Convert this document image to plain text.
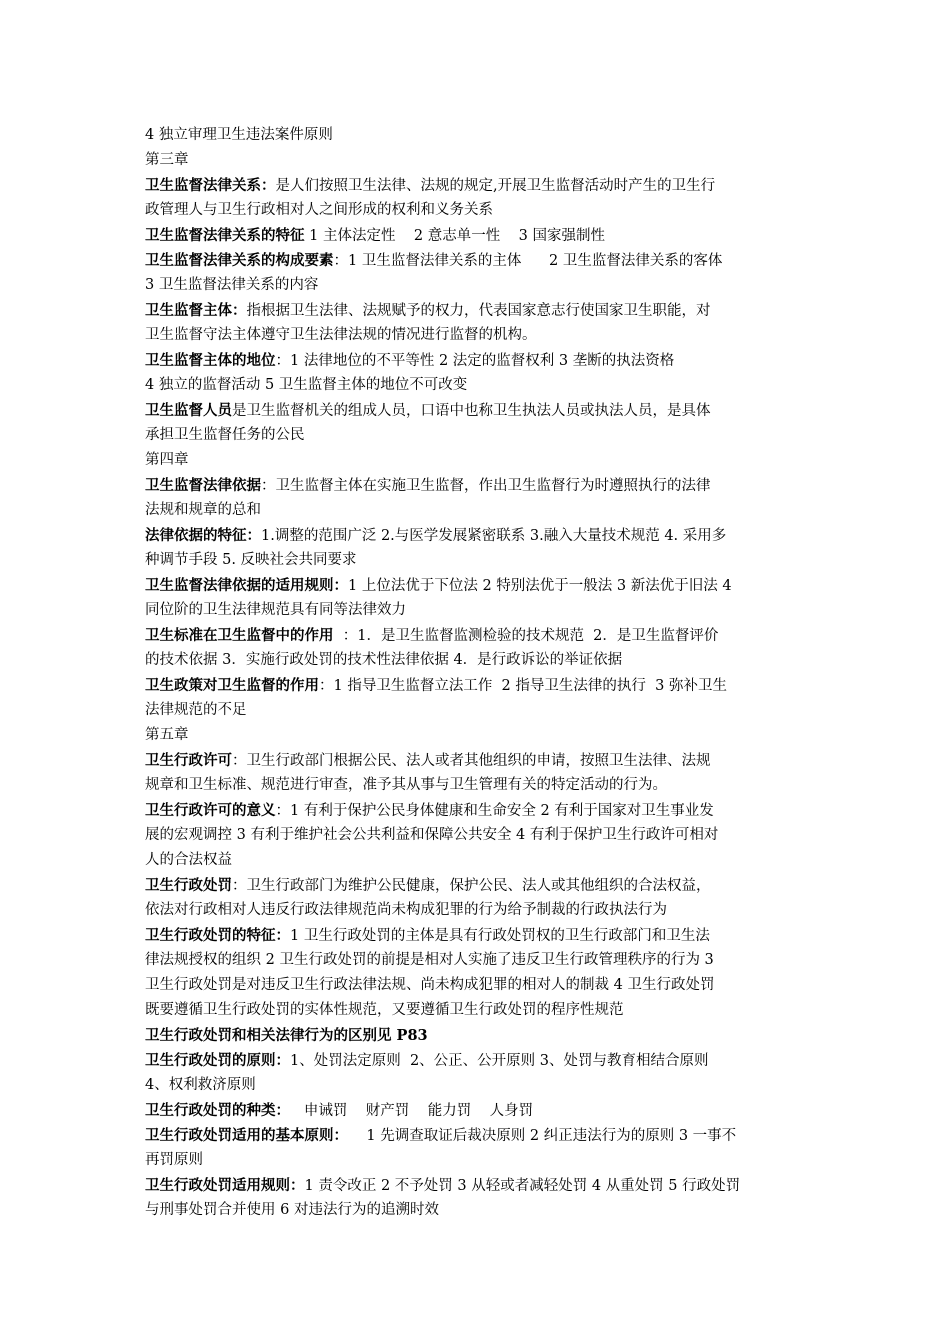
4 独立审理卫生违法案件原则
第三章
卫生监督法律关系：是人们按照卫生法律、法规的规定,开展卫生监督活动时产生的卫生行
政管理人与卫生行政相对人之间形成的权利和义务关系
卫生监督法律关系的特征 1 主体法定性    2 意志单一性    3 国家强制性
卫生监督法律关系的构成要素：1 卫生监督法律关系的主体      2 卫生监督法律关系的客体
3 卫生监督法律关系的内容
卫生监督主体：指根据卫生法律、法规赋予的权力，代表国家意志行使国家卫生职能，对
卫生监督守法主体遵守卫生法律法规的情况进行监督的机构。
卫生监督主体的地位：1 法律地位的不平等性 2 法定的监督权利 3 垄断的执法资格
4 独立的监督活动 5 卫生监督主体的地位不可改变
卫生监督人员是卫生监督机关的组成人员，口语中也称卫生执法人员或执法人员，是具体
承担卫生监督任务的公民
第四章
卫生监督法律依据：卫生监督主体在实施卫生监督，作出卫生监督行为时遵照执行的法律
法规和规章的总和
法律依据的特征：1.调整的范围广泛 2.与医学发展紧密联系 3.融入大量技术规范 4. 采用多
种调节手段 5. 反映社会共同要求
卫生监督法律依据的适用规则：1 上位法优于下位法 2 特别法优于一般法 3 新法优于旧法 4
同位阶的卫生法律规范具有同等法律效力
卫生标准在卫生监督中的作用  ：1．是卫生监督监测检验的技术规范  2．是卫生监督评价
的技术依据 3．实施行政处罚的技术性法律依据 4．是行政诉讼的举证依据
卫生政策对卫生监督的作用：1 指导卫生监督立法工作  2 指导卫生法律的执行  3 弥补卫生
法律规范的不足
第五章
卫生行政许可：卫生行政部门根据公民、法人或者其他组织的申请，按照卫生法律、法规
规章和卫生标准、规范进行审查，准予其从事与卫生管理有关的特定活动的行为。
卫生行政许可的意义：1 有利于保护公民身体健康和生命安全 2 有利于国家对卫生事业发
展的宏观调控 3 有利于维护社会公共利益和保障公共安全 4 有利于保护卫生行政许可相对
人的合法权益
卫生行政处罚：卫生行政部门为维护公民健康，保护公民、法人或其他组织的合法权益，
依法对行政相对人违反行政法律规范尚未构成犯罪的行为给予制裁的行政执法行为
卫生行政处罚的特征：1 卫生行政处罚的主体是具有行政处罚权的卫生行政部门和卫生法
律法规授权的组织 2 卫生行政处罚的前提是相对人实施了违反卫生行政管理秩序的行为 3
卫生行政处罚是对违反卫生行政法律法规、尚未构成犯罪的相对人的制裁 4 卫生行政处罚
既要遵循卫生行政处罚的实体性规范，又要遵循卫生行政处罚的程序性规范
卫生行政处罚和相关法律行为的区别见 P83
卫生行政处罚的原则：1、处罚法定原则  2、公正、公开原则 3、处罚与教育相结合原则
4、权利救济原则
卫生行政处罚的种类：   申诫罚    财产罚    能力罚    人身罚
卫生行政处罚适用的基本原则：    1 先调查取证后裁决原则 2 纠正违法行为的原则 3 一事不
再罚原则
卫生行政处罚适用规则：1 责令改正 2 不予处罚 3 从轻或者减轻处罚 4 从重处罚 5 行政处罚
与刑事处罚合并使用 6 对违法行为的追溯时效
